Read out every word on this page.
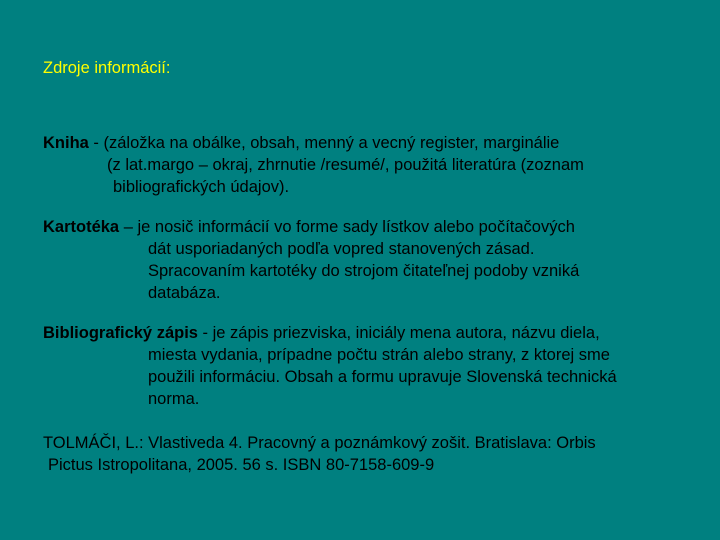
Zdroje informácií:
Kniha - (záložka na obálke, obsah, menný a vecný register, marginálie
(z lat.margo – okraj, zhrnutie /resumé/, použitá literatúra (zoznam
bibliografických údajov).
Kartotéka – je nosič informácií vo forme sady lístkov alebo počítačových
dát usporiadaných podľa vopred stanovených zásad.
Spracovaním kartotéky do strojom čitateľnej podoby vzniká
databáza.
Bibliografický zápis - je zápis priezviska, iniciály mena autora, názvu diela,
miesta vydania, prípadne počtu strán alebo strany, z ktorej sme
použili informáciu. Obsah a formu upravuje Slovenská technická
norma.
TOLMÁČI, L.: Vlastiveda 4. Pracovný a poznámkový zošit. Bratislava: Orbis
Pictus Istropolitana, 2005. 56 s. ISBN 80-7158-609-9
